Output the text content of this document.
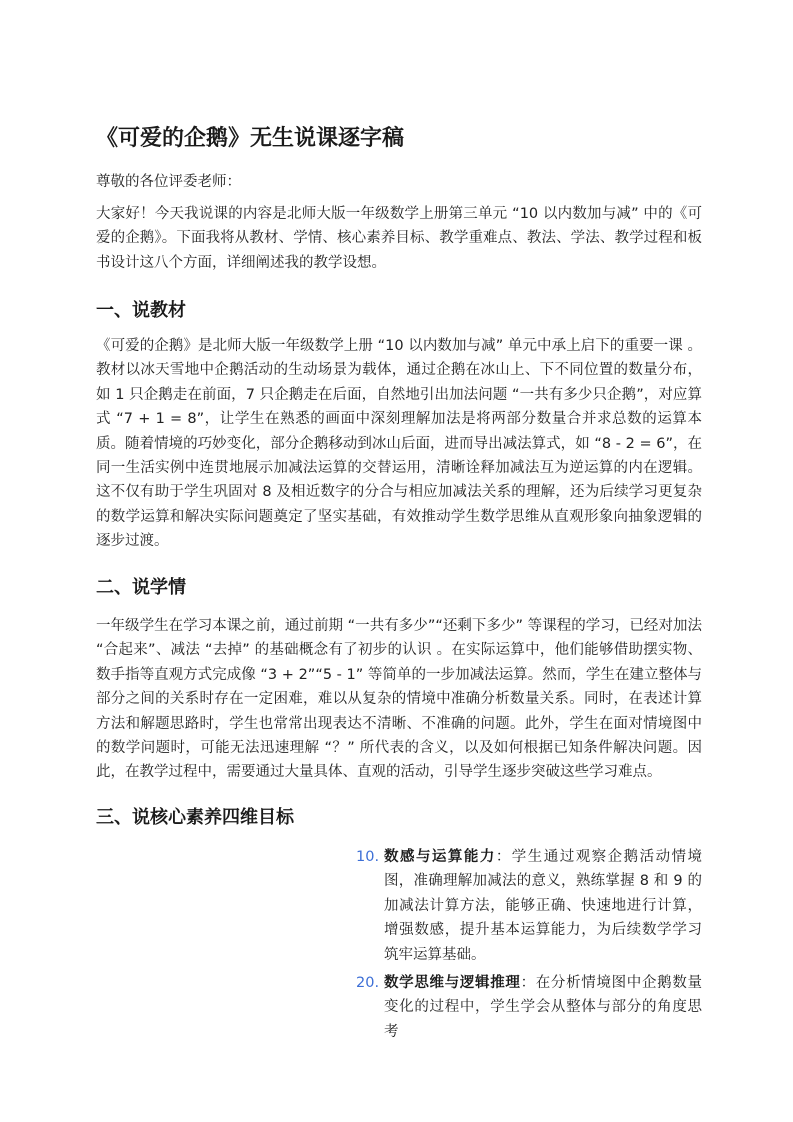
《可爱的企鹅》无生说课逐字稿

尊敬的各位评委老师：

大家好！今天我说课的内容是北师大版一年级数学上册第三单元 “10 以内数加与减” 中的《可爱的企鹅》。下面我将从教材、学情、核心素养目标、教学重难点、教法、学法、教学过程和板书设计这八个方面，详细阐述我的教学设想。

一、说教材

《可爱的企鹅》是北师大版一年级数学上册 “10 以内数加与减” 单元中承上启下的重要一课 。教材以冰天雪地中企鹅活动的生动场景为载体，通过企鹅在冰山上、下不同位置的数量分布，如 1 只企鹅走在前面，7 只企鹅走在后面，自然地引出加法问题 “一共有多少只企鹅”，对应算式 “7 + 1 = 8”，让学生在熟悉的画面中深刻理解加法是将两部分数量合并求总数的运算本质。随着情境的巧妙变化，部分企鹅移动到冰山后面，进而导出减法算式，如 “8 - 2 = 6”，在同一生活实例中连贯地展示加减法运算的交替运用，清晰诠释加减法互为逆运算的内在逻辑。这不仅有助于学生巩固对 8 及相近数字的分合与相应加减法关系的理解，还为后续学习更复杂的数学运算和解决实际问题奠定了坚实基础，有效推动学生数学思维从直观形象向抽象逻辑的逐步过渡。

二、说学情

一年级学生在学习本课之前，通过前期 “一共有多少”“还剩下多少” 等课程的学习，已经对加法 “合起来”、减法 “去掉” 的基础概念有了初步的认识 。在实际运算中，他们能够借助摆实物、数手指等直观方式完成像 “3 + 2”“5 - 1” 等简单的一步加减法运算。然而，学生在建立整体与部分之间的关系时存在一定困难，难以从复杂的情境中准确分析数量关系。同时，在表述计算方法和解题思路时，学生也常常出现表达不清晰、不准确的问题。此外，学生在面对情境图中的数学问题时，可能无法迅速理解 “？” 所代表的含义，以及如何根据已知条件解决问题。因此，在教学过程中，需要通过大量具体、直观的活动，引导学生逐步突破这些学习难点。

三、说核心素养四维目标
10. 数感与运算能力：学生通过观察企鹅活动情境图，准确理解加减法的意义，熟练掌握 8 和 9 的加减法计算方法，能够正确、快速地进行计算，增强数感，提升基本运算能力，为后续数学学习筑牢运算基础。

20. 数学思维与逻辑推理：在分析情境图中企鹅数量变化的过程中，学生学会从整体与部分的角度思考
